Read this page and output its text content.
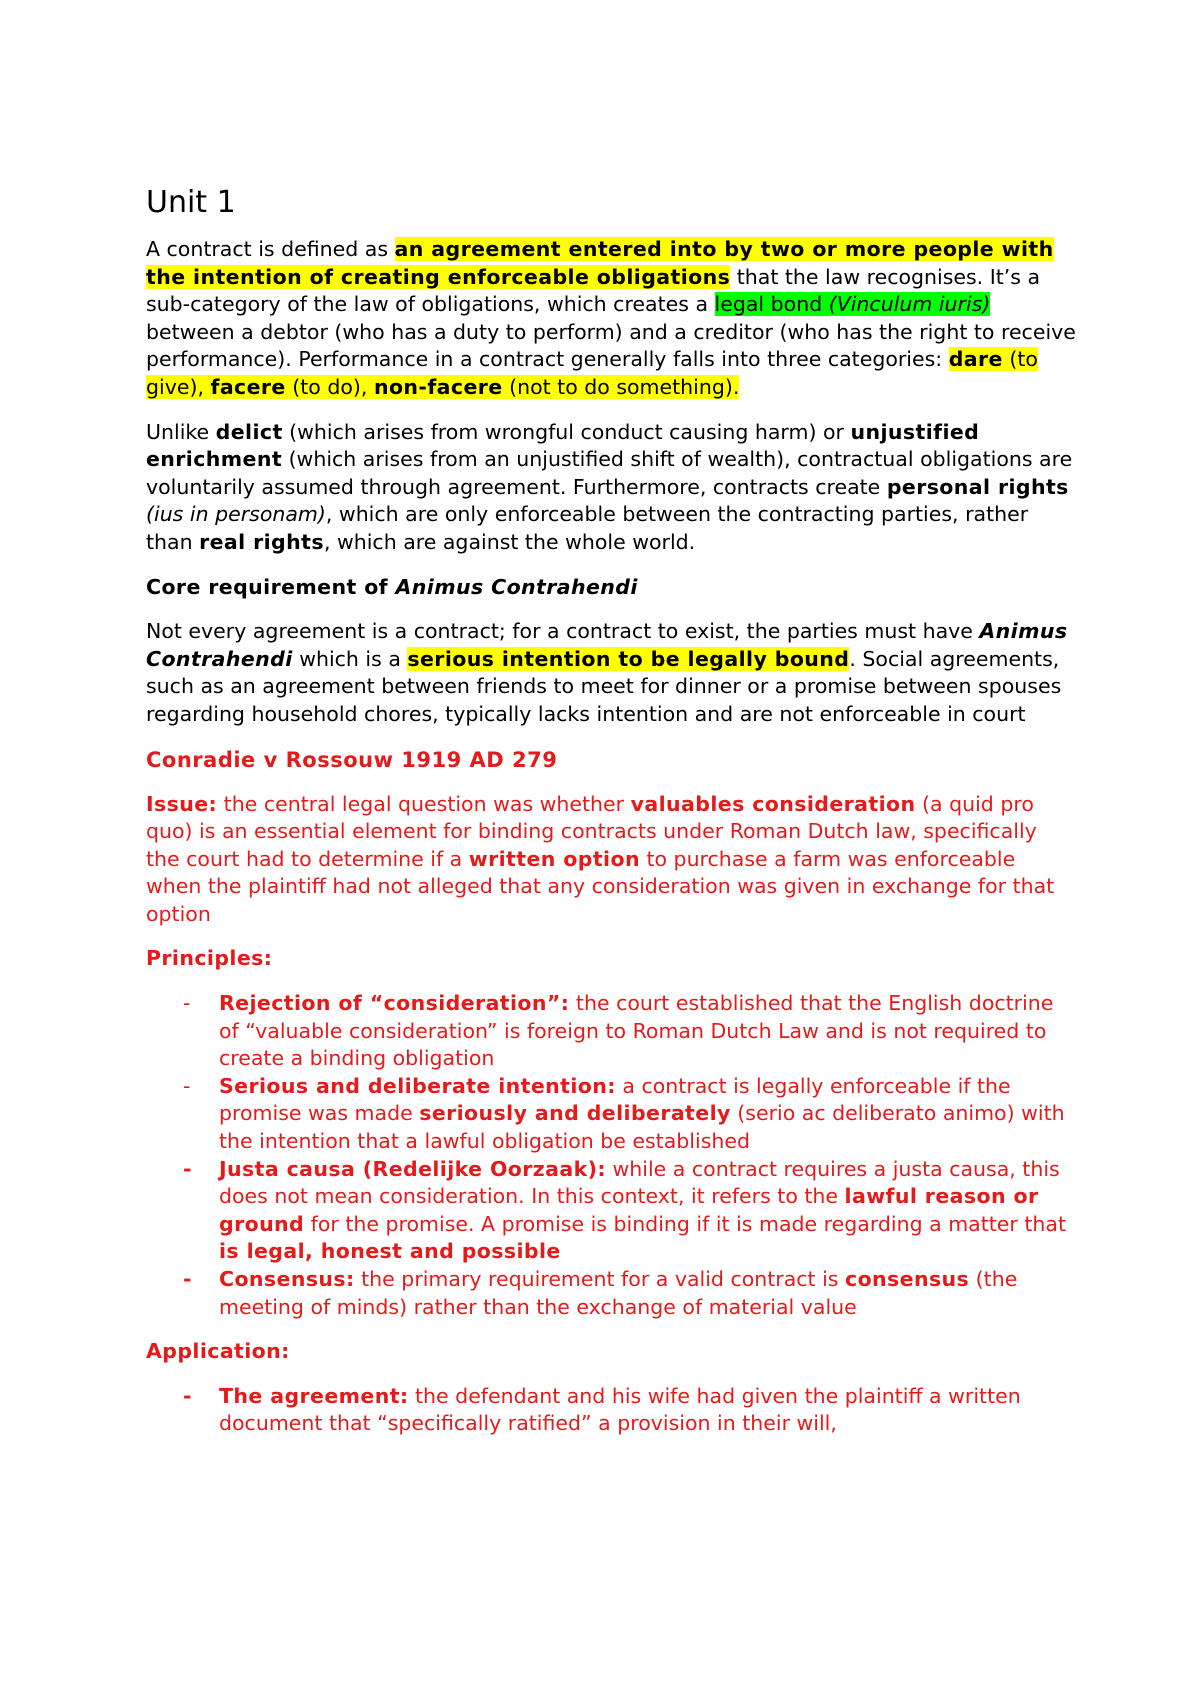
Unit 1

A contract is defined as an agreement entered into by two or more people with the intention of creating enforceable obligations that the law recognises. It’s a sub-category of the law of obligations, which creates a legal bond (Vinculum iuris) between a debtor (who has a duty to perform) and a creditor (who has the right to receive performance). Performance in a contract generally falls into three categories: dare (to give), facere (to do), non-facere (not to do something).

Unlike delict (which arises from wrongful conduct causing harm) or unjustified enrichment (which arises from an unjustified shift of wealth), contractual obligations are voluntarily assumed through agreement. Furthermore, contracts create personal rights (ius in personam), which are only enforceable between the contracting parties, rather than real rights, which are against the whole world.

Core requirement of Animus Contrahendi

Not every agreement is a contract; for a contract to exist, the parties must have Animus Contrahendi which is a serious intention to be legally bound. Social agreements, such as an agreement between friends to meet for dinner or a promise between spouses regarding household chores, typically lacks intention and are not enforceable in court

Conradie v Rossouw 1919 AD 279

Issue: the central legal question was whether valuables consideration (a quid pro quo) is an essential element for binding contracts under Roman Dutch law, specifically the court had to determine if a written option to purchase a farm was enforceable when the plaintiff had not alleged that any consideration was given in exchange for that option

Principles:

- Rejection of “consideration”: the court established that the English doctrine of “valuable consideration” is foreign to Roman Dutch Law and is not required to create a binding obligation
- Serious and deliberate intention: a contract is legally enforceable if the promise was made seriously and deliberately (serio ac deliberato animo) with the intention that a lawful obligation be established
- Justa causa (Redelijke Oorzaak): while a contract requires a justa causa, this does not mean consideration. In this context, it refers to the lawful reason or ground for the promise. A promise is binding if it is made regarding a matter that is legal, honest and possible
- Consensus: the primary requirement for a valid contract is consensus (the meeting of minds) rather than the exchange of material value

Application:

- The agreement: the defendant and his wife had given the plaintiff a written document that “specifically ratified” a provision in their will,
